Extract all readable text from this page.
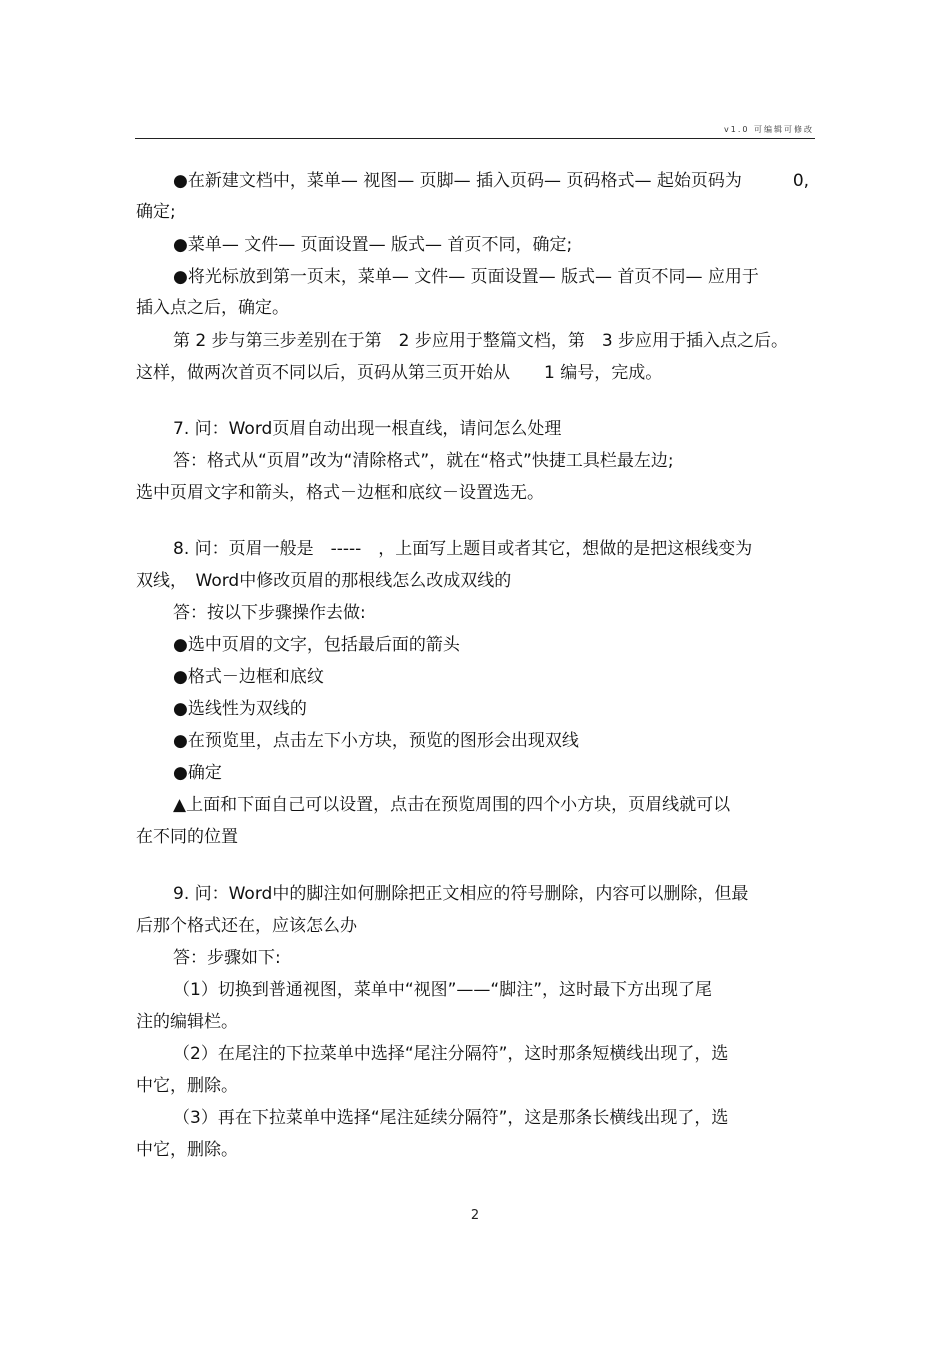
v1.0 可编辑可修改
●在新建文档中，菜单— 视图— 页脚— 插入页码— 页码格式— 起始页码为　　　0,
确定;
●菜单— 文件— 页面设置— 版式— 首页不同，确定;
●将光标放到第一页末，菜单— 文件— 页面设置— 版式— 首页不同— 应用于
插入点之后，确定。
第 2 步与第三步差别在于第　2 步应用于整篇文档，第　3 步应用于插入点之后。
这样，做两次首页不同以后，页码从第三页开始从　　1 编号，完成。
7. 问：Word页眉自动出现一根直线，请问怎么处理
答：格式从“页眉”改为“清除格式”，就在“格式”快捷工具栏最左边;
选中页眉文字和箭头，格式－边框和底纹－设置选无。
8. 问：页眉一般是　-----　，上面写上题目或者其它，想做的是把这根线变为
双线，　Word中修改页眉的那根线怎么改成双线的
答：按以下步骤操作去做:
●选中页眉的文字，包括最后面的箭头
●格式－边框和底纹
●选线性为双线的
●在预览里，点击左下小方块，预览的图形会出现双线
●确定
▲上面和下面自己可以设置，点击在预览周围的四个小方块，页眉线就可以
在不同的位置
9. 问：Word中的脚注如何删除把正文相应的符号删除，内容可以删除，但最
后那个格式还在，应该怎么办
答：步骤如下:
（1）切换到普通视图，菜单中“视图”——“脚注”，这时最下方出现了尾
注的编辑栏。
（2）在尾注的下拉菜单中选择“尾注分隔符”，这时那条短横线出现了，选
中它，删除。
（3）再在下拉菜单中选择“尾注延续分隔符”，这是那条长横线出现了，选
中它，删除。
2
